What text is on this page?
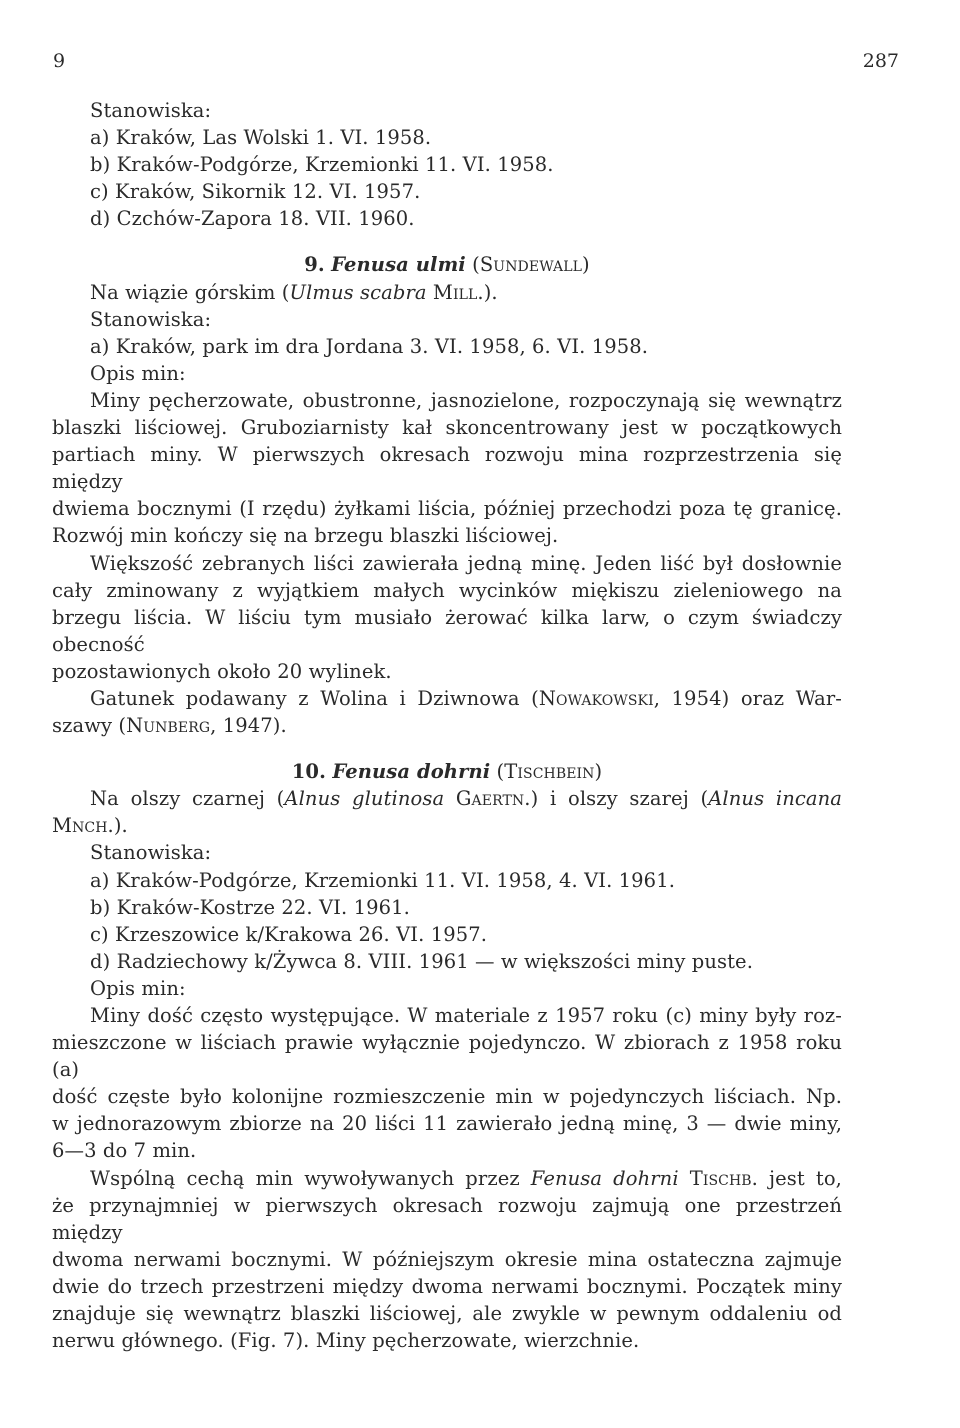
9	287
Stanowiska:
a) Kraków, Las Wolski 1. VI. 1958.
b) Kraków-Podgórze, Krzemionki 11. VI. 1958.
c) Kraków, Sikornik 12. VI. 1957.
d) Czchów-Zapora 18. VII. 1960.
9. Fenusa ulmi (Sundewall)
Na wiązie górskim (Ulmus scabra Mill.).
Stanowiska:
a) Kraków, park im dra Jordana 3. VI. 1958, 6. VI. 1958.
Opis min:
Miny pęcherzowate, obustronne, jasnozielone, rozpoczynają się wewnątrz
blaszki liściowej. Gruboziarnisty kał skoncentrowany jest w początkowych
partiach miny. W pierwszych okresach rozwoju mina rozprzestrzenia się między
dwiema bocznymi (I rzędu) żyłkami liścia, później przechodzi poza tę granicę.
Rozwój min kończy się na brzegu blaszki liściowej.
Większość zebranych liści zawierała jedną minę. Jeden liść był dosłownie
cały zminowany z wyjątkiem małych wycinków miękiszu zieleniowego na
brzegu liścia. W liściu tym musiało żerować kilka larw, o czym świadczy obecność
pozostawionych około 20 wylinek.
Gatunek podawany z Wolina i Dziwnowa (Nowakowski, 1954) oraz War-
szawy (Nunberg, 1947).
10. Fenusa dohrni (Tischbein)
Na olszy czarnej (Alnus glutinosa Gaertn.) i olszy szarej (Alnus incana
Mnch.).
Stanowiska:
a) Kraków-Podgórze, Krzemionki 11. VI. 1958, 4. VI. 1961.
b) Kraków-Kostrze 22. VI. 1961.
c) Krzeszowice k/Krakowa 26. VI. 1957.
d) Radziechowy k/Żywca 8. VIII. 1961 — w większości miny puste.
Opis min:
Miny dość często występujące. W materiale z 1957 roku (c) miny były roz-
mieszczone w liściach prawie wyłącznie pojedynczo. W zbiorach z 1958 roku (a)
dość częste było kolonijne rozmieszczenie min w pojedynczych liściach. Np.
w jednorazowym zbiorze na 20 liści 11 zawierało jedną minę, 3 — dwie miny,
6—3 do 7 min.
Wspólną cechą min wywoływanych przez Fenusa dohrni Tischb. jest to,
że przynajmniej w pierwszych okresach rozwoju zajmują one przestrzeń między
dwoma nerwami bocznymi. W późniejszym okresie mina ostateczna zajmuje
dwie do trzech przestrzeni między dwoma nerwami bocznymi. Początek miny
znajduje się wewnątrz blaszki liściowej, ale zwykle w pewnym oddaleniu od
nerwu głównego. (Fig. 7). Miny pęcherzowate, wierzchnie.
